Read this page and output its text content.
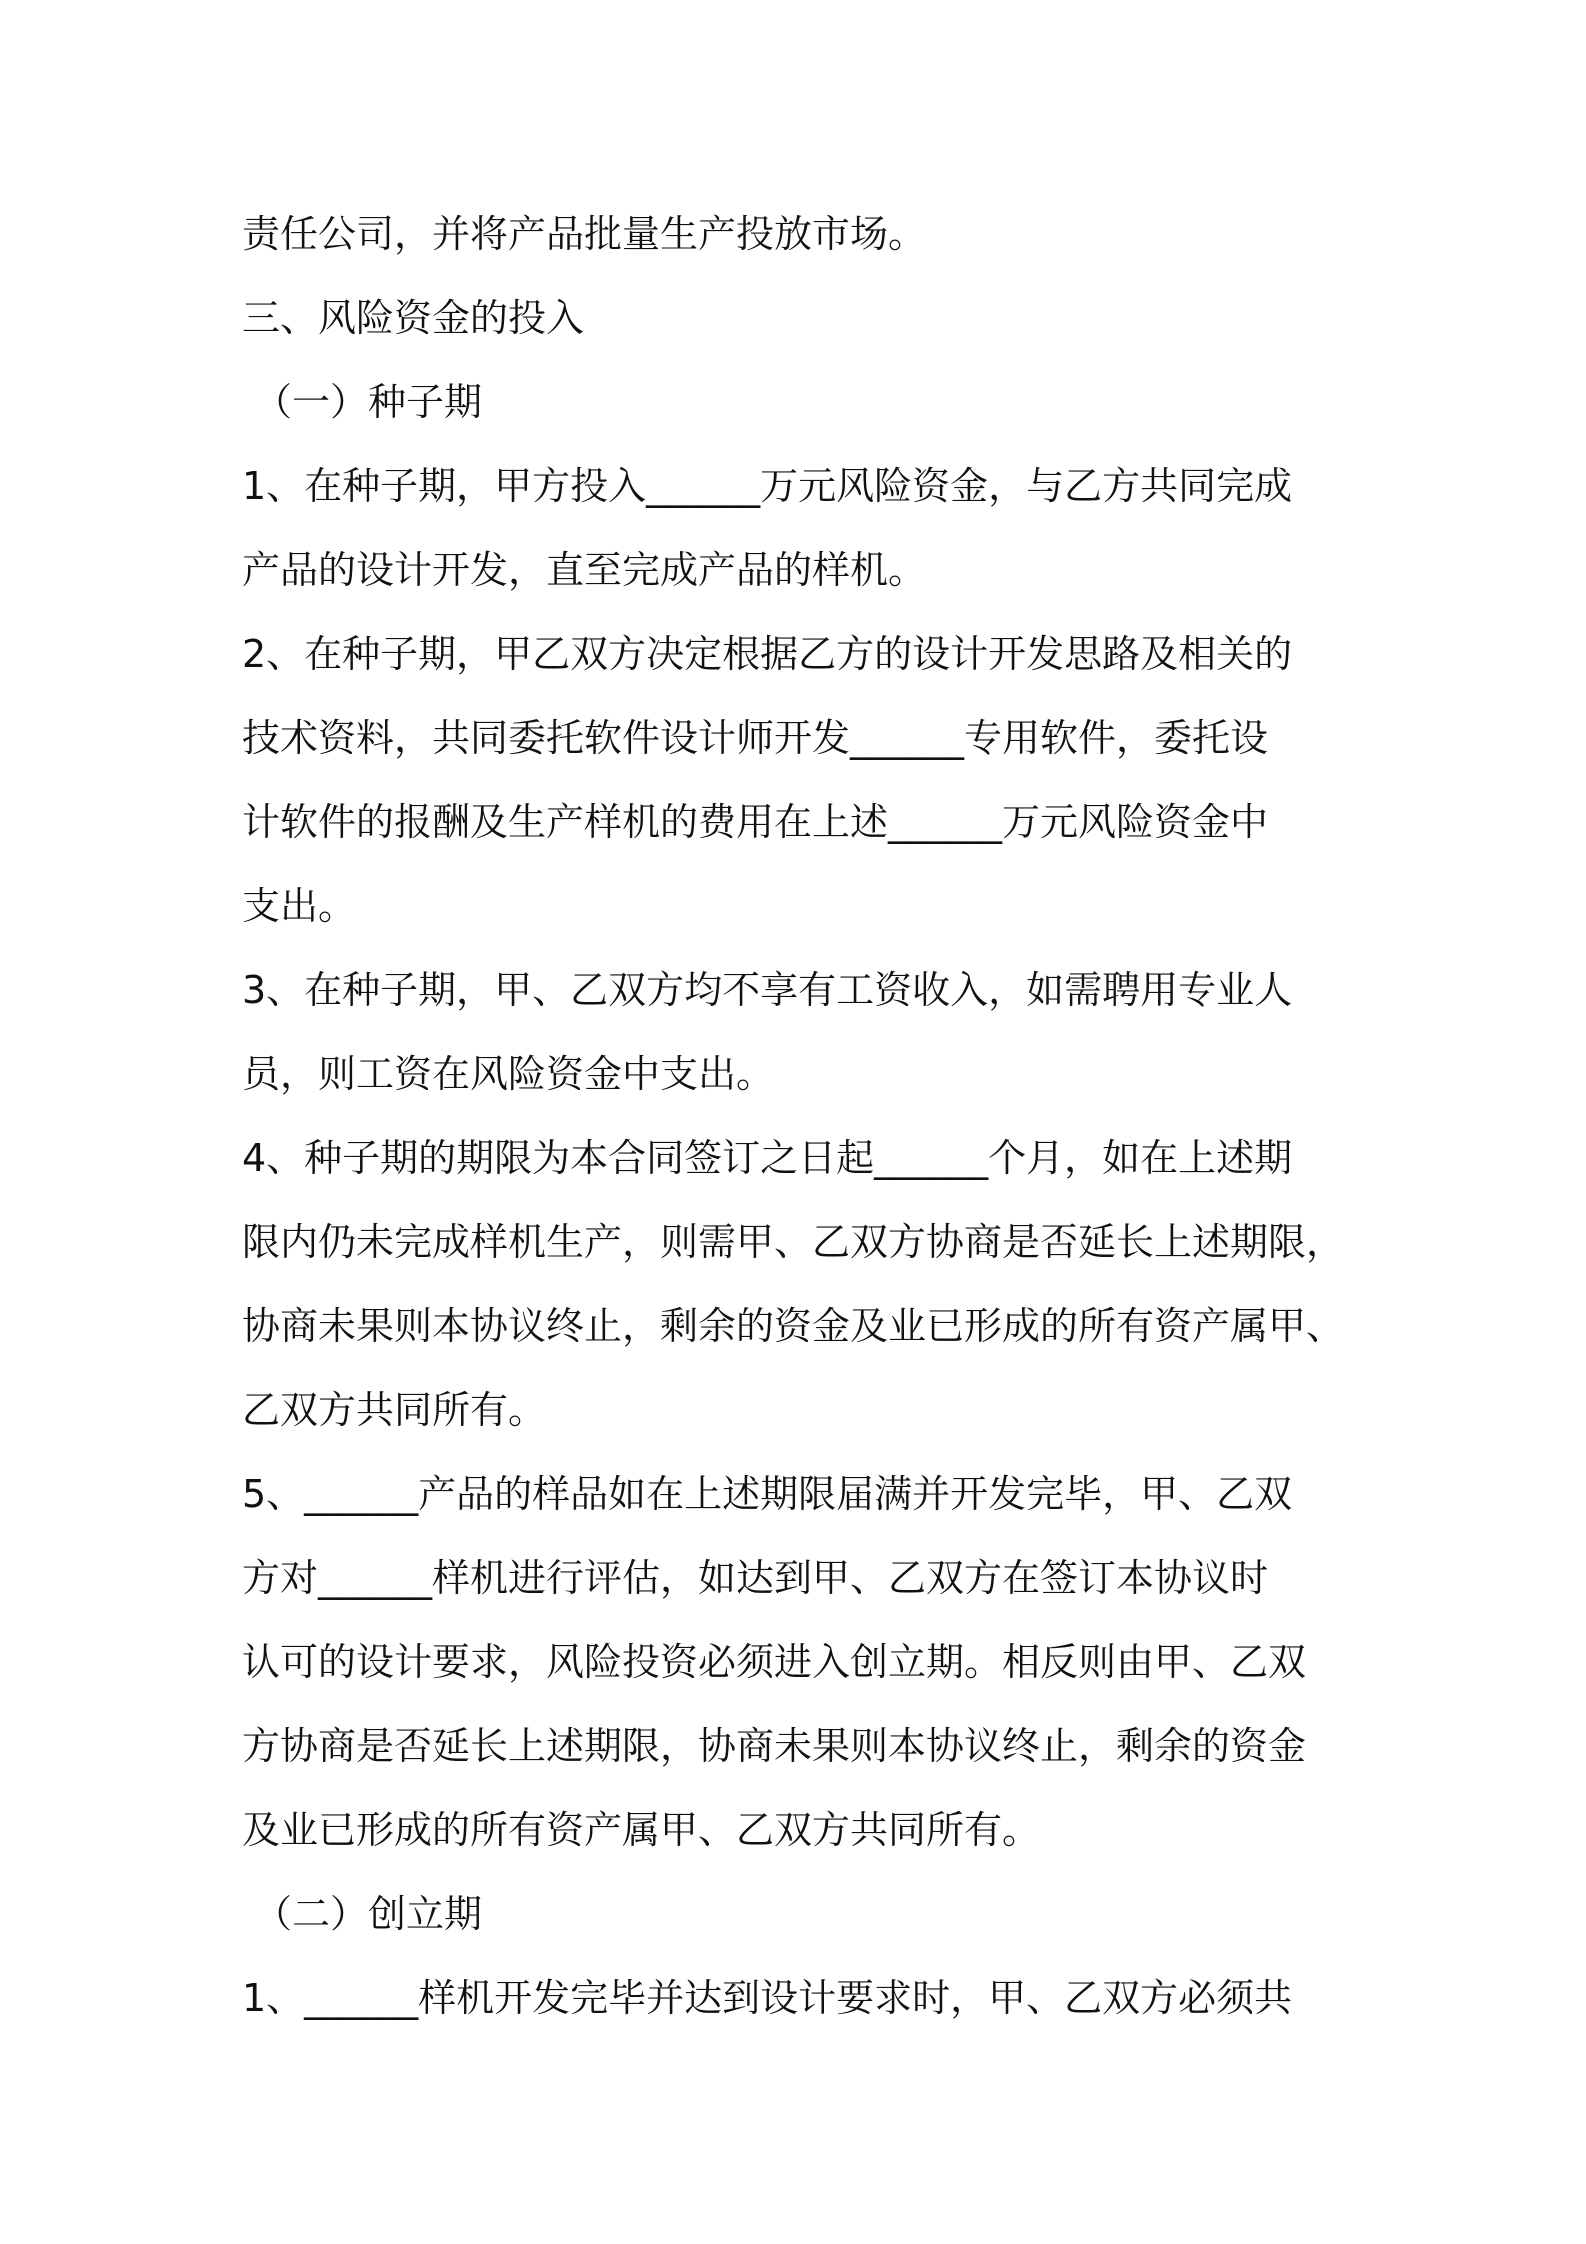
责任公司，并将产品批量生产投放市场。
三、风险资金的投入
（一）种子期
1、在种子期，甲方投入______万元风险资金，与乙方共同完成
产品的设计开发，直至完成产品的样机。
2、在种子期，甲乙双方决定根据乙方的设计开发思路及相关的
技术资料，共同委托软件设计师开发______专用软件，委托设
计软件的报酬及生产样机的费用在上述______万元风险资金中
支出。
3、在种子期，甲、乙双方均不享有工资收入，如需聘用专业人
员，则工资在风险资金中支出。
4、种子期的期限为本合同签订之日起______个月，如在上述期
限内仍未完成样机生产，则需甲、乙双方协商是否延长上述期限，
协商未果则本协议终止，剩余的资金及业已形成的所有资产属甲、
乙双方共同所有。
5、______产品的样品如在上述期限届满并开发完毕，甲、乙双
方对______样机进行评估，如达到甲、乙双方在签订本协议时
认可的设计要求，风险投资必须进入创立期。相反则由甲、乙双
方协商是否延长上述期限，协商未果则本协议终止，剩余的资金
及业已形成的所有资产属甲、乙双方共同所有。
（二）创立期
1、______样机开发完毕并达到设计要求时，甲、乙双方必须共
